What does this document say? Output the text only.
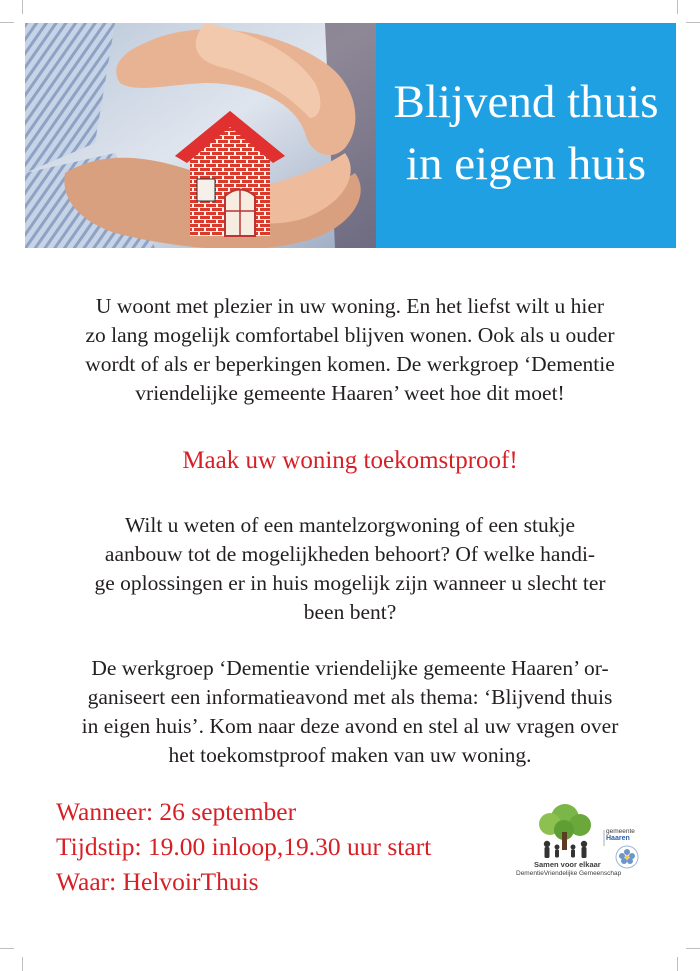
Blijvend thuis
in eigen huis
U woont met plezier in uw woning. En het liefst wilt u hier
zo lang mogelijk comfortabel blijven wonen. Ook als u ouder
wordt of als er beperkingen komen. De werkgroep ‘Dementie
vriendelijke gemeente Haaren’ weet hoe dit moet!
Maak uw woning toekomstproof!
Wilt u weten of een mantelzorgwoning of een stukje
aanbouw tot de mogelijkheden behoort? Of welke handi-
ge oplossingen er in huis mogelijk zijn wanneer u slecht ter
been bent?
De werkgroep ‘Dementie vriendelijke gemeente Haaren’ or-
ganiseert een informatieavond met als thema: ‘Blijvend thuis
in eigen huis’. Kom naar deze avond en stel al uw vragen over
het toekomstproof maken van uw woning.
Wanneer: 26 september
Tijdstip: 19.00 inloop,19.30 uur start
Waar: HelvoirThuis
gemeente
Haaren
Samen voor elkaar
DementieVriendelijke Gemeenschap
